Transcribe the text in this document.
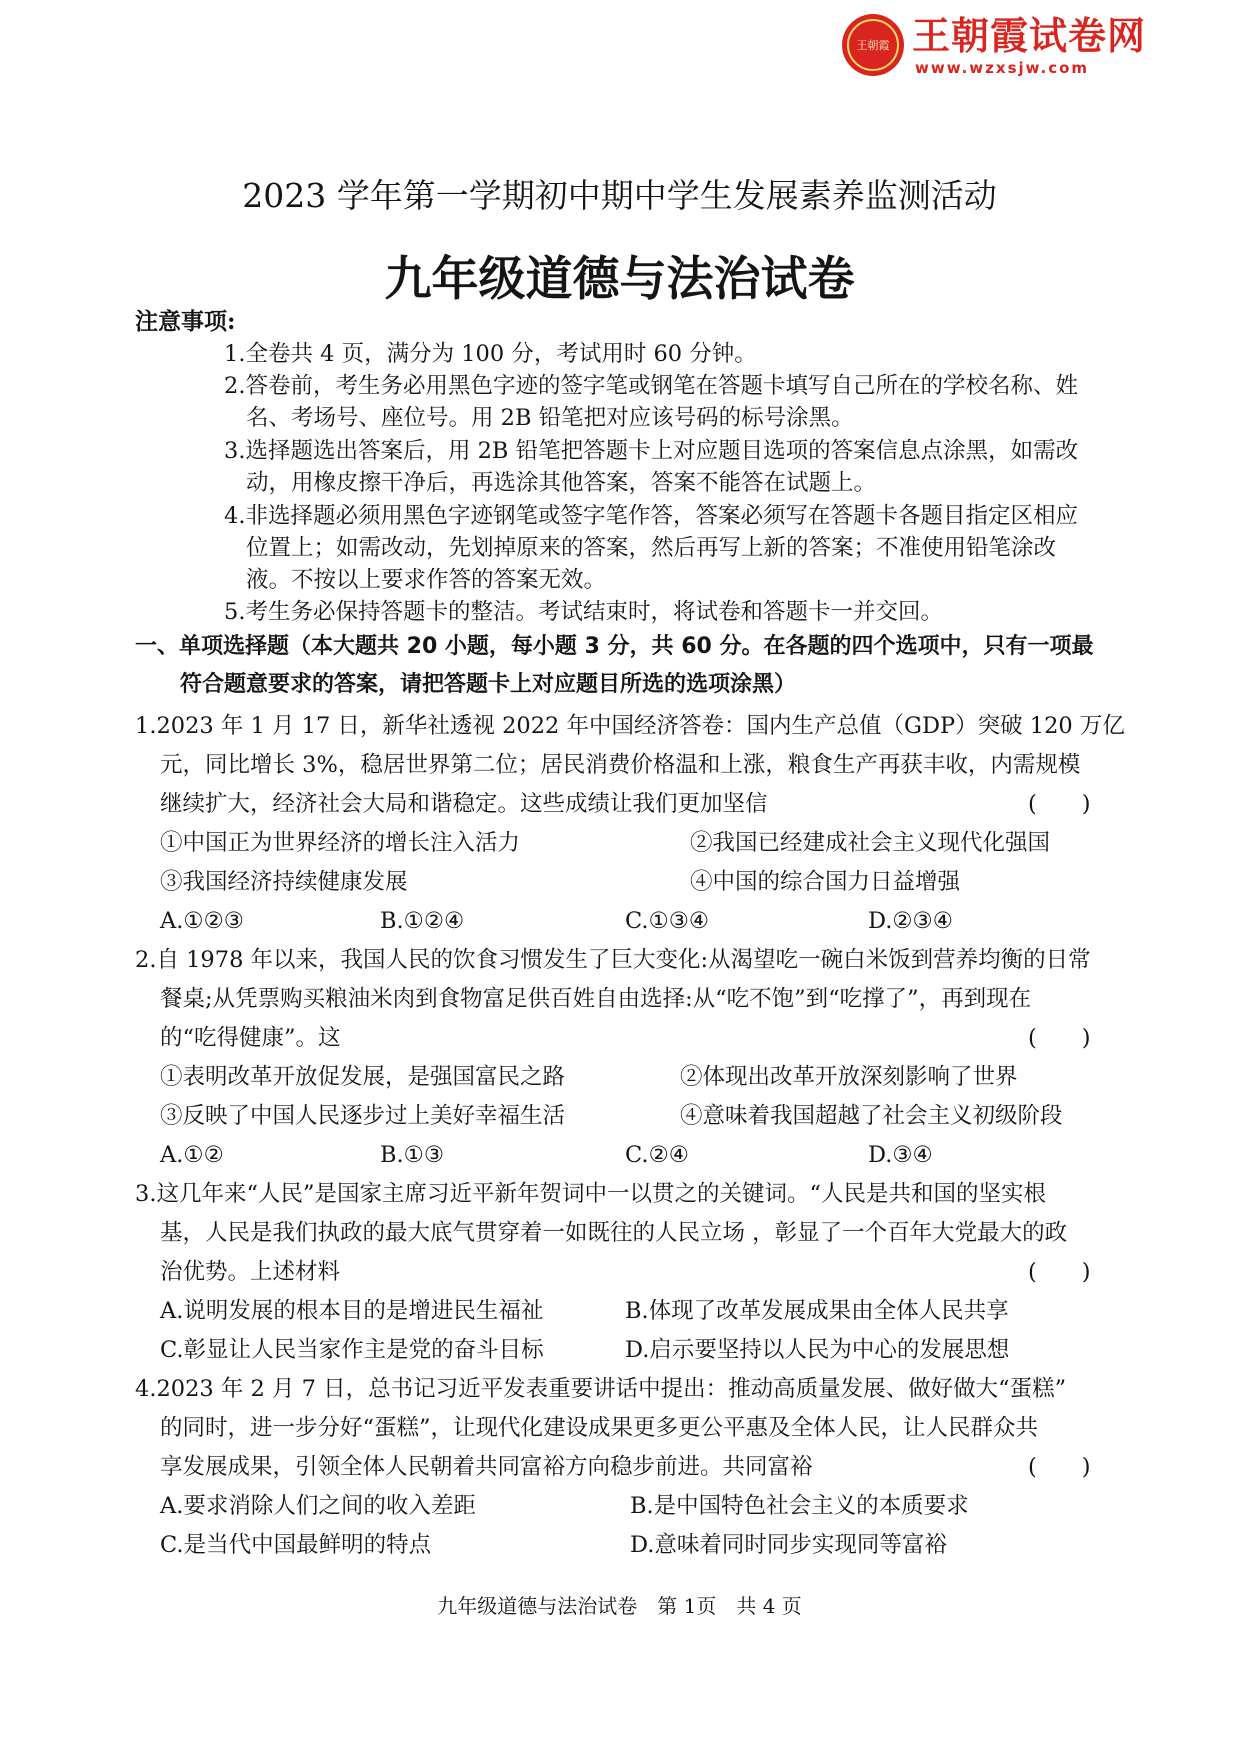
王朝霞 王朝霞试卷网
www.wzxsjw.com
2023 学年第一学期初中期中学生发展素养监测活动
九年级道德与法治试卷
注意事项:
1.全卷共 4 页，满分为 100 分，考试用时 60 分钟。
2.答卷前，考生务必用黑色字迹的签字笔或钢笔在答题卡填写自己所在的学校名称、姓
名、考场号、座位号。用 2B 铅笔把对应该号码的标号涂黑。
3.选择题选出答案后，用 2B 铅笔把答题卡上对应题目选项的答案信息点涂黑，如需改
动，用橡皮擦干净后，再选涂其他答案，答案不能答在试题上。
4.非选择题必须用黑色字迹钢笔或签字笔作答，答案必须写在答题卡各题目指定区相应
位置上；如需改动，先划掉原来的答案，然后再写上新的答案；不准使用铅笔涂改
液。不按以上要求作答的答案无效。
5.考生务必保持答题卡的整洁。考试结束时，将试卷和答题卡一并交回。
一、单项选择题（本大题共 20 小题，每小题 3 分，共 60 分。在各题的四个选项中，只有一项最
符合题意要求的答案，请把答题卡上对应题目所选的选项涂黑）
1.2023 年 1 月 17 日，新华社透视 2022 年中国经济答卷：国内生产总值（GDP）突破 120 万亿
元，同比增长 3%，稳居世界第二位；居民消费价格温和上涨，粮食生产再获丰收，内需规模
继续扩大，经济社会大局和谐稳定。这些成绩让我们更加坚信	(　　)
①中国正为世界经济的增长注入活力	②我国已经建成社会主义现代化强国
③我国经济持续健康发展	④中国的综合国力日益增强
A.①②③	B.①②④	C.①③④	D.②③④
2.自 1978 年以来，我国人民的饮食习惯发生了巨大变化:从渴望吃一碗白米饭到营养均衡的日常
餐桌;从凭票购买粮油米肉到食物富足供百姓自由选择:从“吃不饱”到“吃撑了”，再到现在
的“吃得健康”。这	(　　)
①表明改革开放促发展，是强国富民之路	②体现出改革开放深刻影响了世界
③反映了中国人民逐步过上美好幸福生活	④意味着我国超越了社会主义初级阶段
A.①②	B.①③	C.②④	D.③④
3.这几年来“人民”是国家主席习近平新年贺词中一以贯之的关键词。“人民是共和国的坚实根
基，人民是我们执政的最大底气贯穿着一如既往的人民立场 ，彰显了一个百年大党最大的政
治优势。上述材料	(　　)
A.说明发展的根本目的是增进民生福祉	B.体现了改革发展成果由全体人民共享
C.彰显让人民当家作主是党的奋斗目标	D.启示要坚持以人民为中心的发展思想
4.2023 年 2 月 7 日，总书记习近平发表重要讲话中提出：推动高质量发展、做好做大“蛋糕”
的同时，进一步分好“蛋糕”，让现代化建设成果更多更公平惠及全体人民，让人民群众共
享发展成果，引领全体人民朝着共同富裕方向稳步前进。共同富裕	(　　)
A.要求消除人们之间的收入差距	B.是中国特色社会主义的本质要求
C.是当代中国最鲜明的特点	D.意味着同时同步实现同等富裕
九年级道德与法治试卷　第 1页　共 4 页
